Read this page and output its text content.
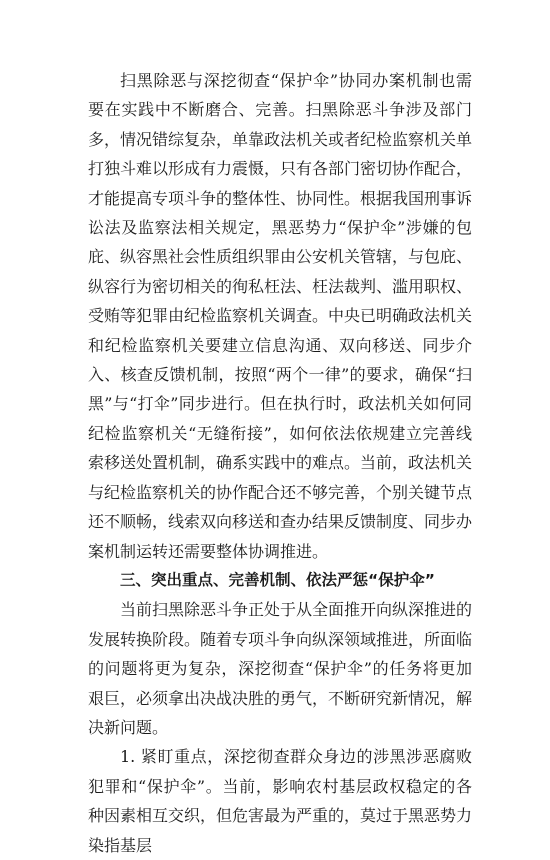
扫黑除恶与深挖彻查“保护伞”协同办案机制也需要在实践中不断磨合、完善。扫黑除恶斗争涉及部门多，情况错综复杂，单靠政法机关或者纪检监察机关单打独斗难以形成有力震慑，只有各部门密切协作配合，才能提高专项斗争的整体性、协同性。根据我国刑事诉讼法及监察法相关规定，黑恶势力“保护伞”涉嫌的包庇、纵容黑社会性质组织罪由公安机关管辖，与包庇、纵容行为密切相关的徇私枉法、枉法裁判、滥用职权、受贿等犯罪由纪检监察机关调查。中央已明确政法机关和纪检监察机关要建立信息沟通、双向移送、同步介入、核查反馈机制，按照“两个一律”的要求，确保“扫黑”与“打伞”同步进行。但在执行时，政法机关如何同纪检监察机关“无缝衔接”，如何依法依规建立完善线索移送处置机制，确系实践中的难点。当前，政法机关与纪检监察机关的协作配合还不够完善，个别关键节点还不顺畅，线索双向移送和查办结果反馈制度、同步办案机制运转还需要整体协调推进。

三、突出重点、完善机制、依法严惩“保护伞”

当前扫黑除恶斗争正处于从全面推开向纵深推进的发展转换阶段。随着专项斗争向纵深领域推进，所面临的问题将更为复杂，深挖彻查“保护伞”的任务将更加艰巨，必须拿出决战决胜的勇气，不断研究新情况，解决新问题。

1. 紧盯重点，深挖彻查群众身边的涉黑涉恶腐败犯罪和“保护伞”。当前，影响农村基层政权稳定的各种因素相互交织，但危害最为严重的，莫过于黑恶势力染指基层
